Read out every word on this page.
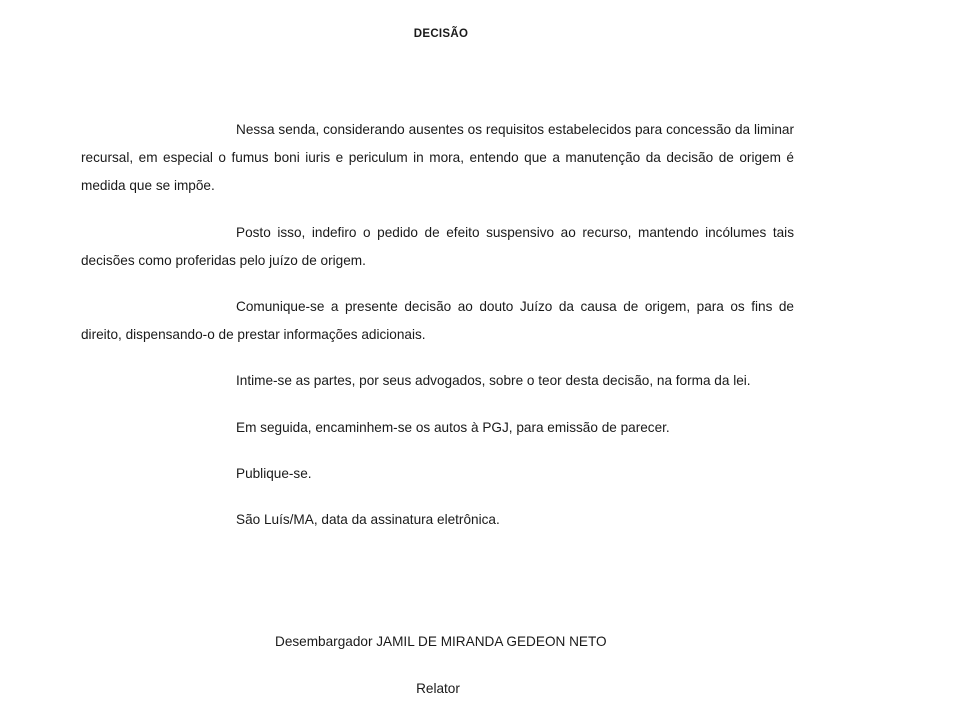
DECISÃO

Nessa senda, considerando ausentes os requisitos estabelecidos para concessão da liminar recursal, em especial o fumus boni iuris e periculum in mora, entendo que a manutenção da decisão de origem é medida que se impõe.

Posto isso, indefiro o pedido de efeito suspensivo ao recurso, mantendo incólumes tais decisões como proferidas pelo juízo de origem.

Comunique-se a presente decisão ao douto Juízo da causa de origem, para os fins de direito, dispensando-o de prestar informações adicionais.

Intime-se as partes, por seus advogados, sobre o teor desta decisão, na forma da lei.

Em seguida, encaminhem-se os autos à PGJ, para emissão de parecer.

Publique-se.

São Luís/MA, data da assinatura eletrônica.

Desembargador JAMIL DE MIRANDA GEDEON NETO
Relator
